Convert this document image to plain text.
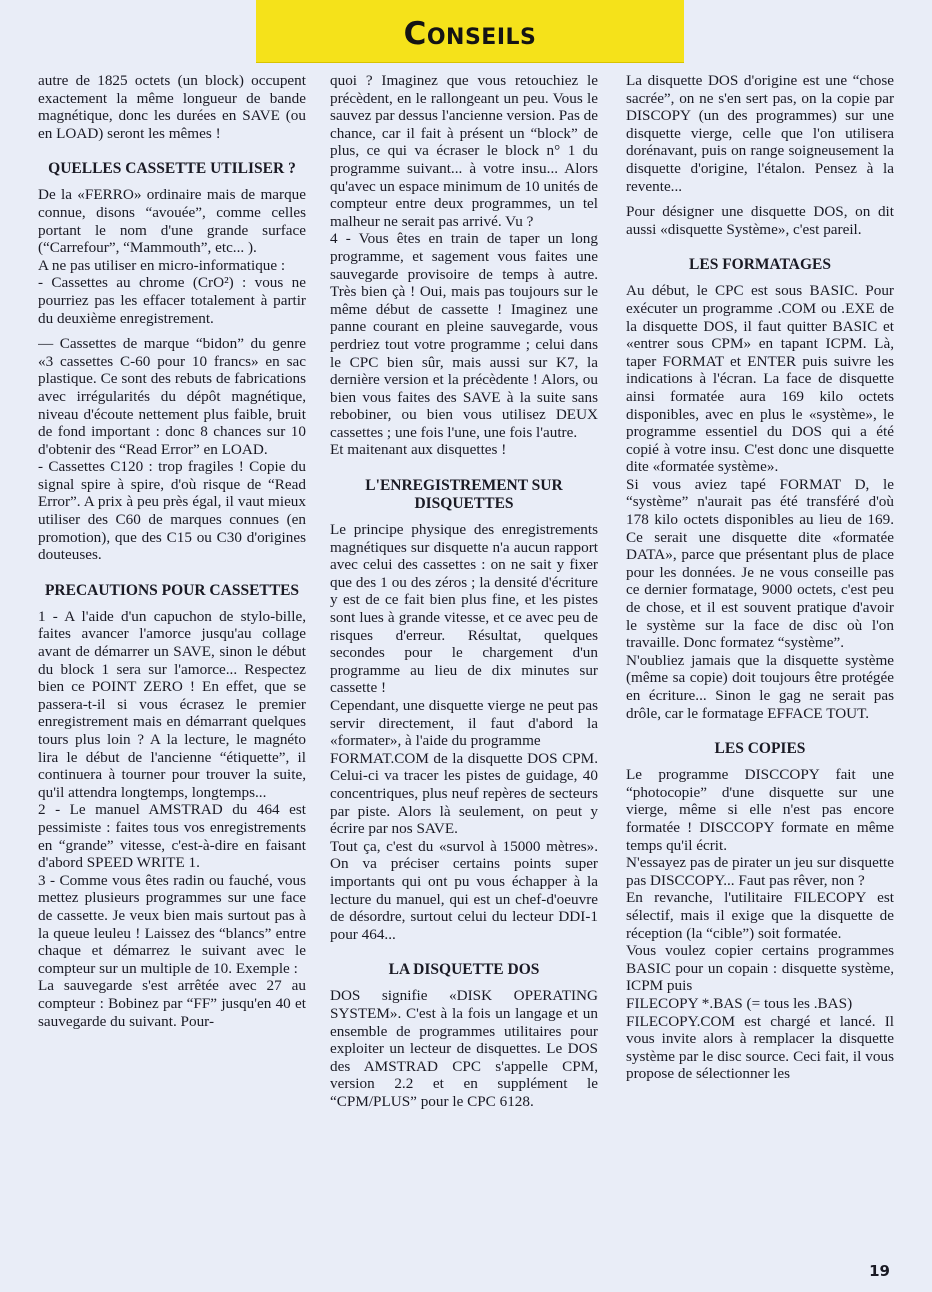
Conseils

autre de 1825 octets (un block) occupent exactement la même longueur de bande magnétique, donc les durées en SAVE (ou en LOAD) seront les mêmes !

QUELLES CASSETTE UTILISER ?

De la «FERRO» ordinaire mais de marque connue, disons “avouée”, comme celles portant le nom d'une grande surface (“Carrefour”, “Mammouth”, etc... ).

A ne pas utiliser en micro-informatique :

- Cassettes au chrome (CrO²) : vous ne pourriez pas les effacer totalement à partir du deuxième enregistrement.

— Cassettes de marque “bidon” du genre «3 cassettes C-60 pour 10 francs» en sac plastique. Ce sont des rebuts de fabrications avec irrégularités du dépôt magnétique, niveau d'écoute nettement plus faible, bruit de fond important : donc 8 chances sur 10 d'obtenir des “Read Error” en LOAD.

- Cassettes C120 : trop fragiles ! Copie du signal spire à spire, d'où risque de “Read Error”. A prix à peu près égal, il vaut mieux utiliser des C60 de marques connues (en promotion), que des C15 ou C30 d'origines douteuses.

PRECAUTIONS POUR CASSETTES

1 - A l'aide d'un capuchon de stylo-bille, faites avancer l'amorce jusqu'au collage avant de démarrer un SAVE, sinon le début du block 1 sera sur l'amorce... Respectez bien ce POINT ZERO ! En effet, que se passera-t-il si vous écrasez le premier enregistrement mais en démarrant quelques tours plus loin ? A la lecture, le magnéto lira le début de l'ancienne “étiquette”, il continuera à tourner pour trouver la suite, qu'il attendra longtemps, longtemps...

2 - Le manuel AMSTRAD du 464 est pessimiste : faites tous vos enregistrements en “grande” vitesse, c'est-à-dire en faisant d'abord SPEED WRITE 1.

3 - Comme vous êtes radin ou fauché, vous mettez plusieurs programmes sur une face de cassette. Je veux bien mais surtout pas à la queue leuleu ! Laissez des “blancs” entre chaque et démarrez le suivant avec le compteur sur un multiple de 10. Exemple :

La sauvegarde s'est arrêtée avec 27 au compteur : Bobinez par “FF” jusqu'en 40 et sauvegarde du suivant. Pour-

quoi ? Imaginez que vous retouchiez le précèdent, en le rallongeant un peu. Vous le sauvez par dessus l'ancienne version. Pas de chance, car il fait à présent un “block” de plus, ce qui va écraser le block n° 1 du programme suivant... à votre insu... Alors qu'avec un espace minimum de 10 unités de compteur entre deux programmes, un tel malheur ne serait pas arrivé. Vu ?

4 - Vous êtes en train de taper un long programme, et sagement vous faites une sauvegarde provisoire de temps à autre. Très bien çà ! Oui, mais pas toujours sur le même début de cassette ! Imaginez une panne courant en pleine sauvegarde, vous perdriez tout votre programme ; celui dans le CPC bien sûr, mais aussi sur K7, la dernière version et la précèdente ! Alors, ou bien vous faites des SAVE à la suite sans rebobiner, ou bien vous utilisez DEUX cassettes ; une fois l'une, une fois l'autre.

Et maitenant aux disquettes !

L'ENREGISTREMENT SUR DISQUETTES

Le principe physique des enregistrements magnétiques sur disquette n'a aucun rapport avec celui des cassettes : on ne sait y fixer que des 1 ou des zéros ; la densité d'écriture y est de ce fait bien plus fine, et les pistes sont lues à grande vitesse, et ce avec peu de risques d'erreur. Résultat, quelques secondes pour le chargement d'un programme au lieu de dix minutes sur cassette !

Cependant, une disquette vierge ne peut pas servir directement, il faut d'abord la «formater», à l'aide du programme

FORMAT.COM de la disquette DOS CPM. Celui-ci va tracer les pistes de guidage, 40 concentriques, plus neuf repères de secteurs par piste. Alors là seulement, on peut y écrire par nos SAVE.

Tout ça, c'est du «survol à 15000 mètres». On va préciser certains points super importants qui ont pu vous échapper à la lecture du manuel, qui est un chef-d'oeuvre de désordre, surtout celui du lecteur DDI-1 pour 464...

LA DISQUETTE DOS

DOS signifie «DISK OPERATING SYSTEM». C'est à la fois un langage et un ensemble de programmes utilitaires pour exploiter un lecteur de disquettes. Le DOS des AMSTRAD CPC s'appelle CPM, version 2.2 et en supplément le “CPM/PLUS” pour le CPC 6128.

La disquette DOS d'origine est une “chose sacrée”, on ne s'en sert pas, on la copie par DISCOPY (un des programmes) sur une disquette vierge, celle que l'on utilisera dorénavant, puis on range soigneusement la disquette d'origine, l'étalon. Pensez à la revente...

Pour désigner une disquette DOS, on dit aussi «disquette Système», c'est pareil.

LES FORMATAGES

Au début, le CPC est sous BASIC. Pour exécuter un programme .COM ou .EXE de la disquette DOS, il faut quitter BASIC et «entrer sous CPM» en tapant ICPM. Là, taper FORMAT et ENTER puis suivre les indications à l'écran. La face de disquette ainsi formatée aura 169 kilo octets disponibles, avec en plus le «système», le programme essentiel du DOS qui a été copié à votre insu. C'est donc une disquette dite «formatée système».

Si vous aviez tapé FORMAT D, le “système” n'aurait pas été transféré d'où 178 kilo octets disponibles au lieu de 169. Ce serait une disquette dite «formatée DATA», parce que présentant plus de place pour les données. Je ne vous conseille pas ce dernier formatage, 9000 octets, c'est peu de chose, et il est souvent pratique d'avoir le système sur la face de disc où l'on travaille. Donc formatez “système”.

N'oubliez jamais que la disquette système (même sa copie) doit toujours être protégée en écriture... Sinon le gag ne serait pas drôle, car le formatage EFFACE TOUT.

LES COPIES

Le programme DISCCOPY fait une “photocopie” d'une disquette sur une vierge, même si elle n'est pas encore formatée ! DISCCOPY formate en même temps qu'il écrit.

N'essayez pas de pirater un jeu sur disquette pas DISCCOPY... Faut pas rêver, non ?

En revanche, l'utilitaire FILECOPY est sélectif, mais il exige que la disquette de réception (la “cible”) soit formatée.

Vous voulez copier certains programmes BASIC pour un copain : disquette système, ICPM puis

FILECOPY *.BAS (= tous les .BAS)

FILECOPY.COM est chargé et lancé. Il vous invite alors à remplacer la disquette système par le disc source. Ceci fait, il vous propose de sélectionner les

19
